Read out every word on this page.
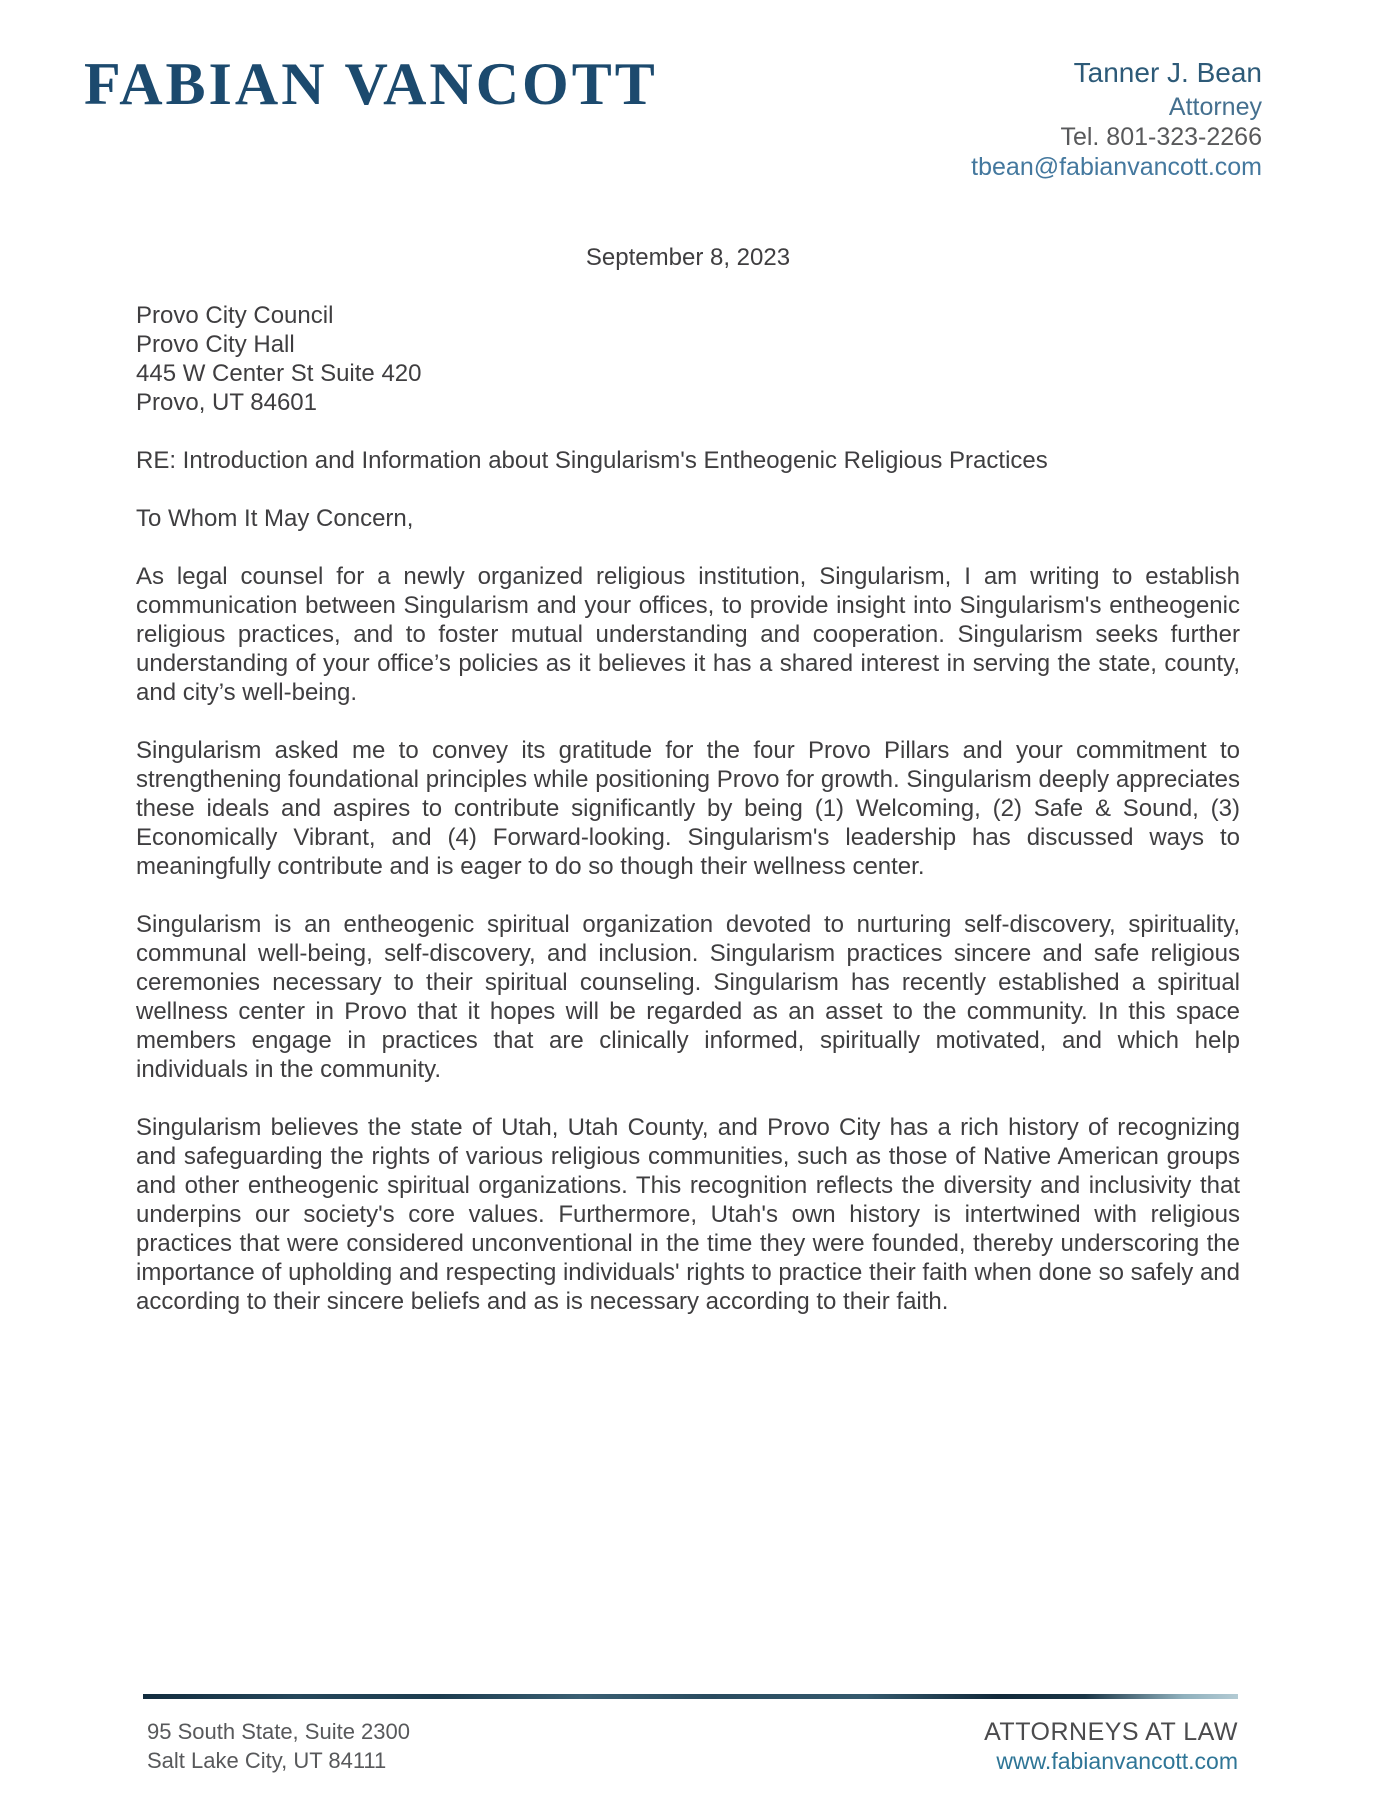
FABIAN VANCOTT	Tanner J. Bean
Attorney
Tel. 801-323-2266
tbean@fabianvancott.com
September 8, 2023
Provo City Council
Provo City Hall
445 W Center St Suite 420
Provo, UT 84601
RE: Introduction and Information about Singularism's Entheogenic Religious Practices
To Whom It May Concern,

As legal counsel for a newly organized religious institution, Singularism, I am writing to establish communication between Singularism and your offices, to provide insight into Singularism's entheogenic religious practices, and to foster mutual understanding and cooperation. Singularism seeks further understanding of your office’s policies as it believes it has a shared interest in serving the state, county, and city’s well-being.

Singularism asked me to convey its gratitude for the four Provo Pillars and your commitment to strengthening foundational principles while positioning Provo for growth. Singularism deeply appreciates these ideals and aspires to contribute significantly by being (1) Welcoming, (2) Safe & Sound, (3) Economically Vibrant, and (4) Forward-looking. Singularism's leadership has discussed ways to meaningfully contribute and is eager to do so though their wellness center.

Singularism is an entheogenic spiritual organization devoted to nurturing self-discovery, spirituality, communal well-being, self-discovery, and inclusion. Singularism practices sincere and safe religious ceremonies necessary to their spiritual counseling. Singularism has recently established a spiritual wellness center in Provo that it hopes will be regarded as an asset to the community. In this space members engage in practices that are clinically informed, spiritually motivated, and which help individuals in the community.

Singularism believes the state of Utah, Utah County, and Provo City has a rich history of recognizing and safeguarding the rights of various religious communities, such as those of Native American groups and other entheogenic spiritual organizations. This recognition reflects the diversity and inclusivity that underpins our society's core values. Furthermore, Utah's own history is intertwined with religious practices that were considered unconventional in the time they were founded, thereby underscoring the importance of upholding and respecting individuals' rights to practice their faith when done so safely and according to their sincere beliefs and as is necessary according to their faith.

95 South State, Suite 2300
Salt Lake City, UT 84111
ATTORNEYS AT LAW
www.fabianvancott.com
